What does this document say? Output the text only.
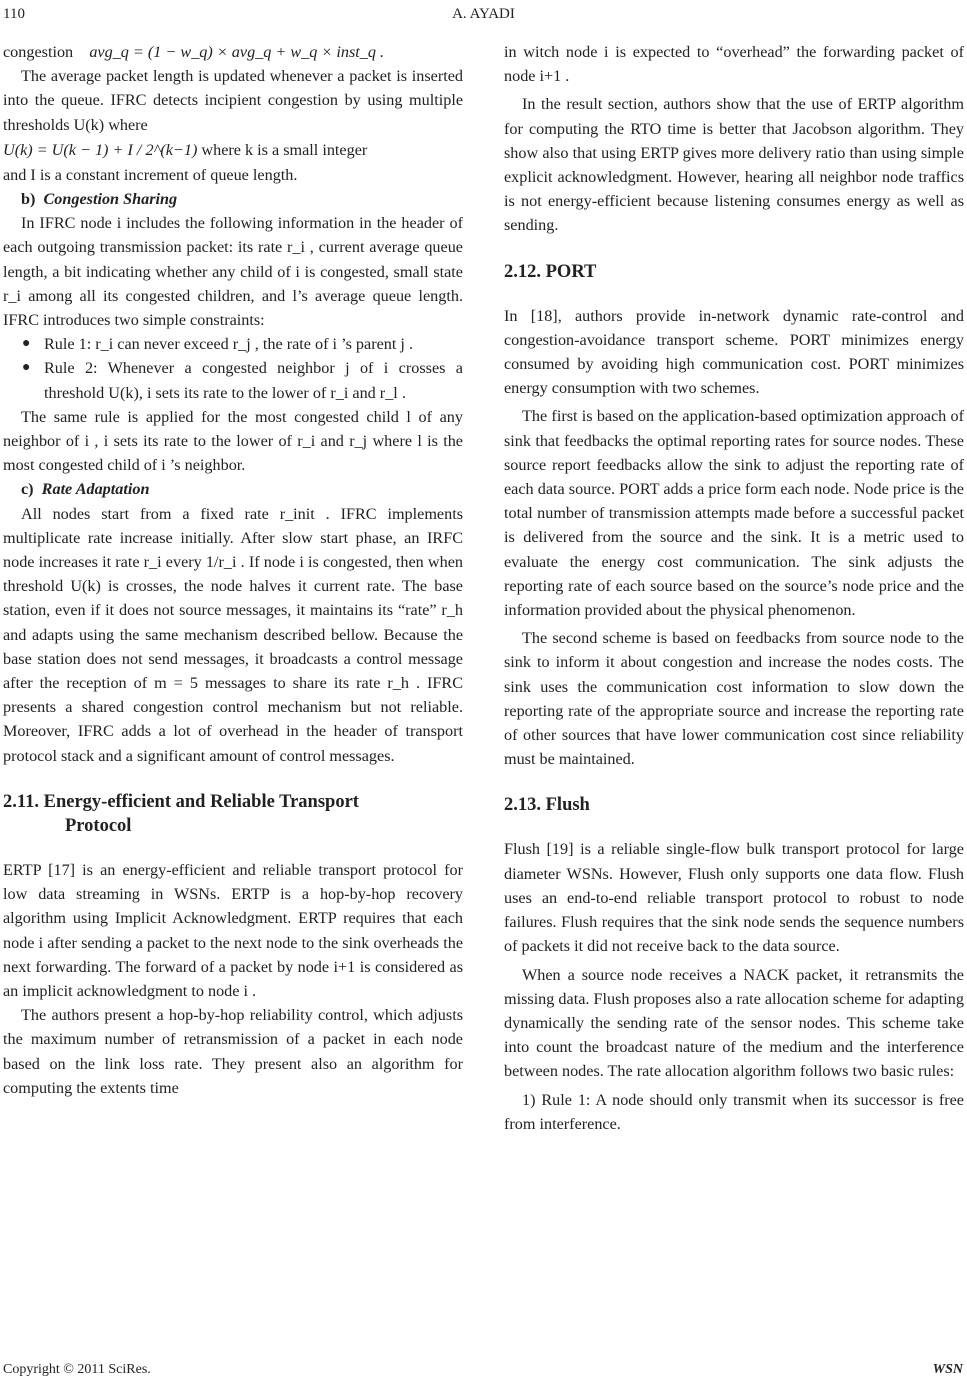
110	A. AYADI

congestion avg_q = (1 − w_q) × avg_q + w_q × inst_q .

The average packet length is updated whenever a packet is inserted into the queue. IFRC detects incipient congestion by using multiple thresholds U(k) where

U(k) = U(k − 1) + I / 2^(k−1) where k is a small integer

and I is a constant increment of queue length.

b) Congestion Sharing

In IFRC node i includes the following information in the header of each outgoing transmission packet: its rate r_i , current average queue length, a bit indicating whether any child of i is congested, small state r_i among all its congested children, and l’s average queue length. IFRC introduces two simple constraints:

● Rule 1: r_i can never exceed r_j , the rate of i ’s parent j .
● Rule 2: Whenever a congested neighbor j of i crosses a threshold U(k), i sets its rate to the lower of r_i and r_l .

The same rule is applied for the most congested child l of any neighbor of i , i sets its rate to the lower of r_i and r_j where l is the most congested child of i ’s neighbor.

c) Rate Adaptation

All nodes start from a fixed rate r_init . IFRC implements multiplicate rate increase initially. After slow start phase, an IRFC node increases it rate r_i every 1/r_i . If node i is congested, then when threshold U(k) is crosses, the node halves it current rate. The base station, even if it does not source messages, it maintains its “rate” r_h and adapts using the same mechanism described bellow. Because the base station does not send messages, it broadcasts a control message after the reception of m = 5 messages to share its rate r_h . IFRC presents a shared congestion control mechanism but not reliable. Moreover, IFRC adds a lot of overhead in the header of transport protocol stack and a significant amount of control messages.

2.11. Energy-efficient and Reliable Transport
Protocol

ERTP [17] is an energy-efficient and reliable transport protocol for low data streaming in WSNs. ERTP is a hop-by-hop recovery algorithm using Implicit Acknowledgment. ERTP requires that each node i after sending a packet to the next node to the sink overheads the next forwarding. The forward of a packet by node i+1 is considered as an implicit acknowledgment to node i .

The authors present a hop-by-hop reliability control, which adjusts the maximum number of retransmission of a packet in each node based on the link loss rate. They present also an algorithm for computing the extents time

in witch node i is expected to “overhead” the forwarding packet of node i+1 .

In the result section, authors show that the use of ERTP algorithm for computing the RTO time is better that Jacobson algorithm. They show also that using ERTP gives more delivery ratio than using simple explicit acknowledgment. However, hearing all neighbor node traffics is not energy-efficient because listening consumes energy as well as sending.

2.12. PORT

In [18], authors provide in-network dynamic rate-control and congestion-avoidance transport scheme. PORT minimizes energy consumed by avoiding high communication cost. PORT minimizes energy consumption with two schemes.

The first is based on the application-based optimization approach of sink that feedbacks the optimal reporting rates for source nodes. These source report feedbacks allow the sink to adjust the reporting rate of each data source. PORT adds a price form each node. Node price is the total number of transmission attempts made before a successful packet is delivered from the source and the sink. It is a metric used to evaluate the energy cost communication. The sink adjusts the reporting rate of each source based on the source’s node price and the information provided about the physical phenomenon.

The second scheme is based on feedbacks from source node to the sink to inform it about congestion and increase the nodes costs. The sink uses the communication cost information to slow down the reporting rate of the appropriate source and increase the reporting rate of other sources that have lower communication cost since reliability must be maintained.

2.13. Flush

Flush [19] is a reliable single-flow bulk transport protocol for large diameter WSNs. However, Flush only supports one data flow. Flush uses an end-to-end reliable transport protocol to robust to node failures. Flush requires that the sink node sends the sequence numbers of packets it did not receive back to the data source.

When a source node receives a NACK packet, it retransmits the missing data. Flush proposes also a rate allocation scheme for adapting dynamically the sending rate of the sensor nodes. This scheme take into count the broadcast nature of the medium and the interference between nodes. The rate allocation algorithm follows two basic rules:

1) Rule 1: A node should only transmit when its successor is free from interference.

Copyright © 2011 SciRes.	WSN
